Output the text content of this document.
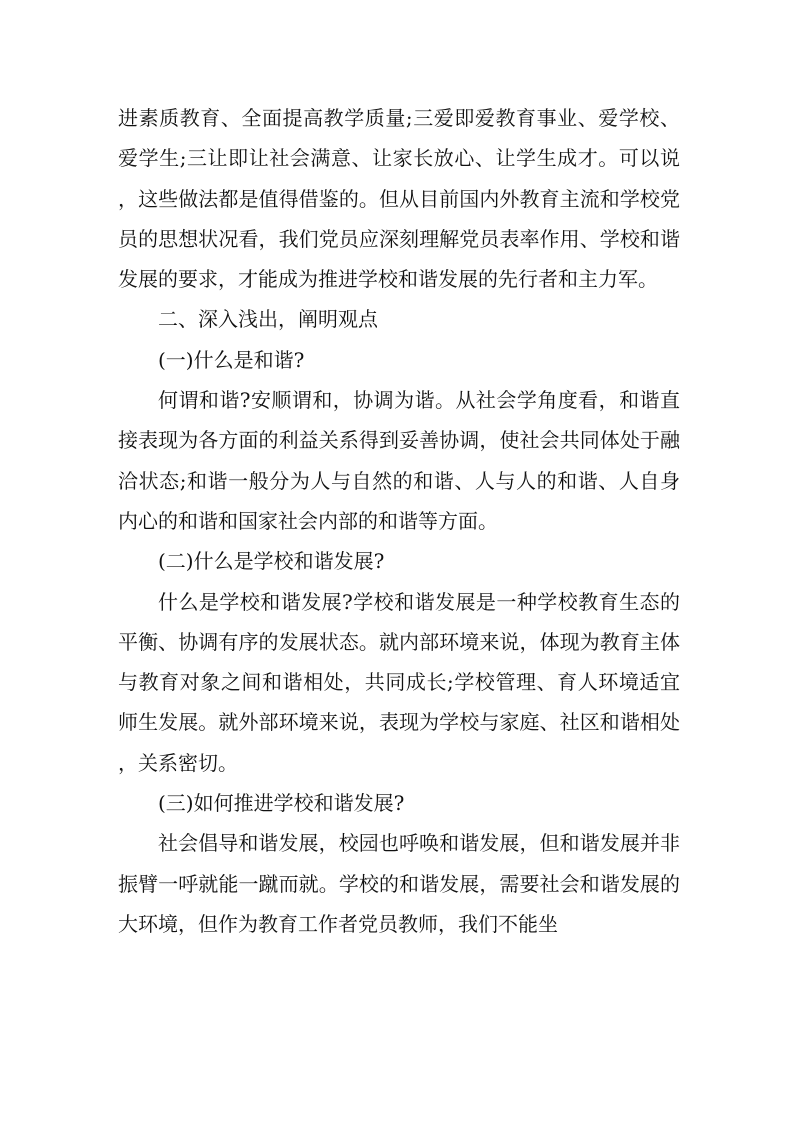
进素质教育、全面提高教学质量;三爱即爱教育事业、爱学校、爱学生;三让即让社会满意、让家长放心、让学生成才。可以说，这些做法都是值得借鉴的。但从目前国内外教育主流和学校党员的思想状况看，我们党员应深刻理解党员表率作用、学校和谐发展的要求，才能成为推进学校和谐发展的先行者和主力军。

二、深入浅出，阐明观点

(一)什么是和谐?

何谓和谐?安顺谓和，协调为谐。从社会学角度看，和谐直接表现为各方面的利益关系得到妥善协调，使社会共同体处于融洽状态;和谐一般分为人与自然的和谐、人与人的和谐、人自身内心的和谐和国家社会内部的和谐等方面。

(二)什么是学校和谐发展?

什么是学校和谐发展?学校和谐发展是一种学校教育生态的平衡、协调有序的发展状态。就内部环境来说，体现为教育主体与教育对象之间和谐相处，共同成长;学校管理、育人环境适宜师生发展。就外部环境来说，表现为学校与家庭、社区和谐相处，关系密切。

(三)如何推进学校和谐发展?

社会倡导和谐发展，校园也呼唤和谐发展，但和谐发展并非振臂一呼就能一蹴而就。学校的和谐发展，需要社会和谐发展的大环境，但作为教育工作者党员教师，我们不能坐
